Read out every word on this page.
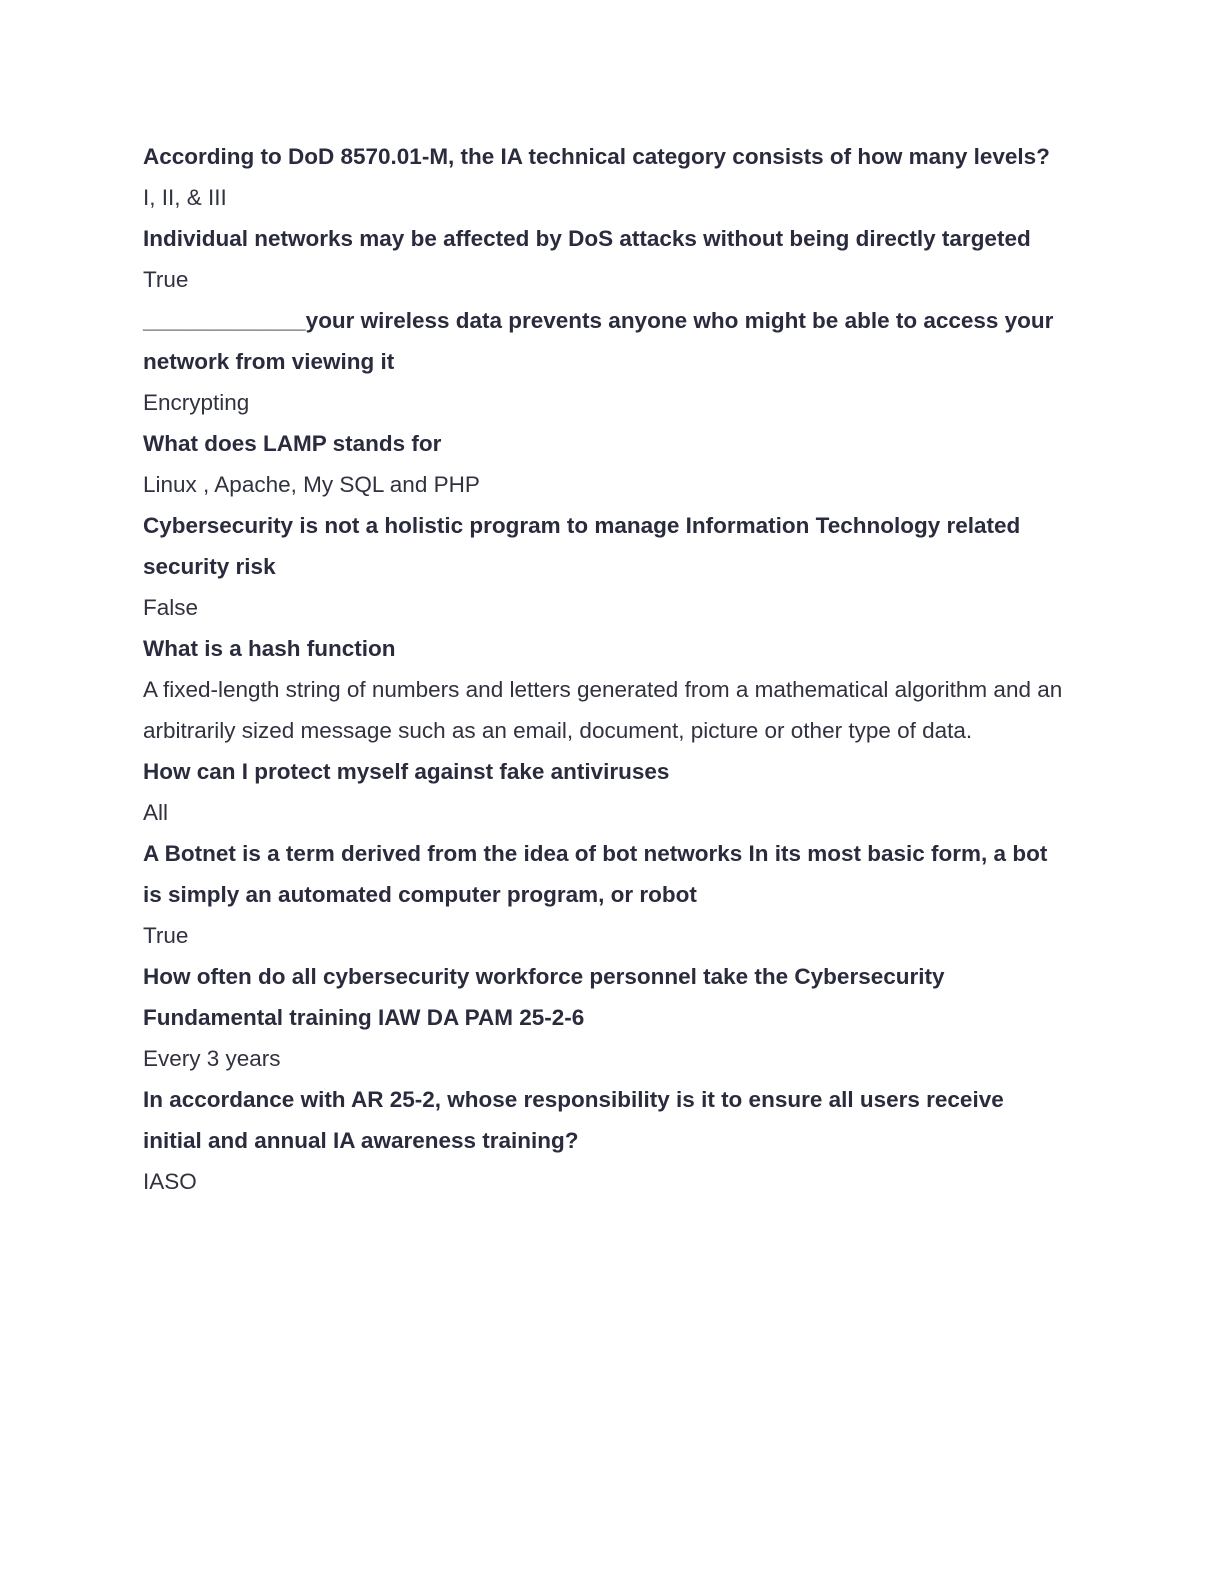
According to DoD 8570.01-M, the IA technical category consists of how many levels?
I, II, & III
Individual networks may be affected by DoS attacks without being directly targeted
True
_____________your wireless data prevents anyone who might be able to access your network from viewing it
Encrypting
What does LAMP stands for
Linux , Apache, My SQL and PHP
Cybersecurity is not a holistic program to manage Information Technology related security risk
False
What is a hash function
A fixed-length string of numbers and letters generated from a mathematical algorithm and an arbitrarily sized message such as an email, document, picture or other type of data.
How can I protect myself against fake antiviruses
All
A Botnet is a term derived from the idea of bot networks In its most basic form, a bot is simply an automated computer program, or robot
True
How often do all cybersecurity workforce personnel take the Cybersecurity Fundamental training IAW DA PAM 25-2-6
Every 3 years
In accordance with AR 25-2, whose responsibility is it to ensure all users receive initial and annual IA awareness training?
IASO
